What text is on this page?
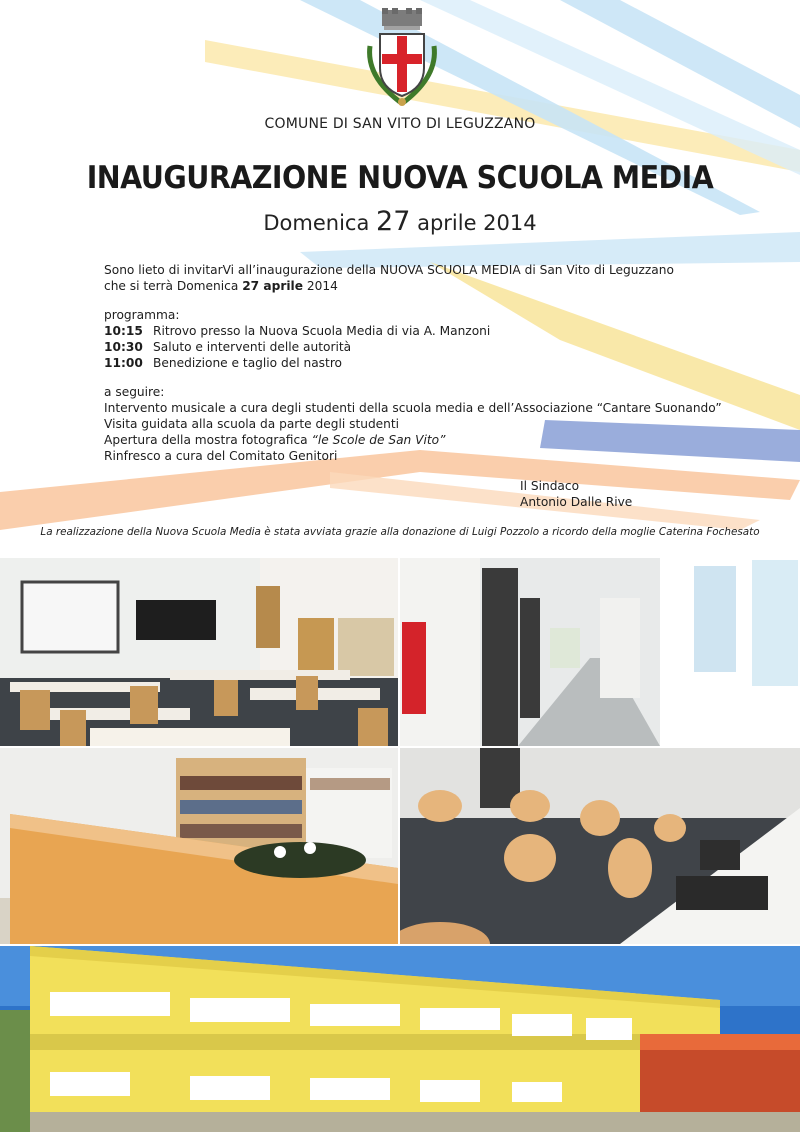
COMUNE DI SAN VITO DI LEGUZZANO
INAUGURAZIONE NUOVA SCUOLA MEDIA
Domenica 27 aprile 2014
Sono lieto di invitarVi all’inaugurazione della NUOVA SCUOLA MEDIA di San Vito di Leguzzano
che si terrà Domenica 27 aprile 2014
programma:
10:15 Ritrovo presso la Nuova Scuola Media di via A. Manzoni
10:30 Saluto e interventi delle autorità
11:00 Benedizione e taglio del nastro
a seguire:
Intervento musicale a cura degli studenti della scuola media e dell’Associazione “Cantare Suonando”
Visita guidata alla scuola da parte degli studenti
Apertura della mostra fotografica “le Scole de San Vito”
Rinfresco a cura del Comitato Genitori
Il Sindaco
Antonio Dalle Rive
La realizzazione della Nuova Scuola Media è stata avviata grazie alla donazione di Luigi Pozzolo a ricordo della moglie Caterina Fochesato
